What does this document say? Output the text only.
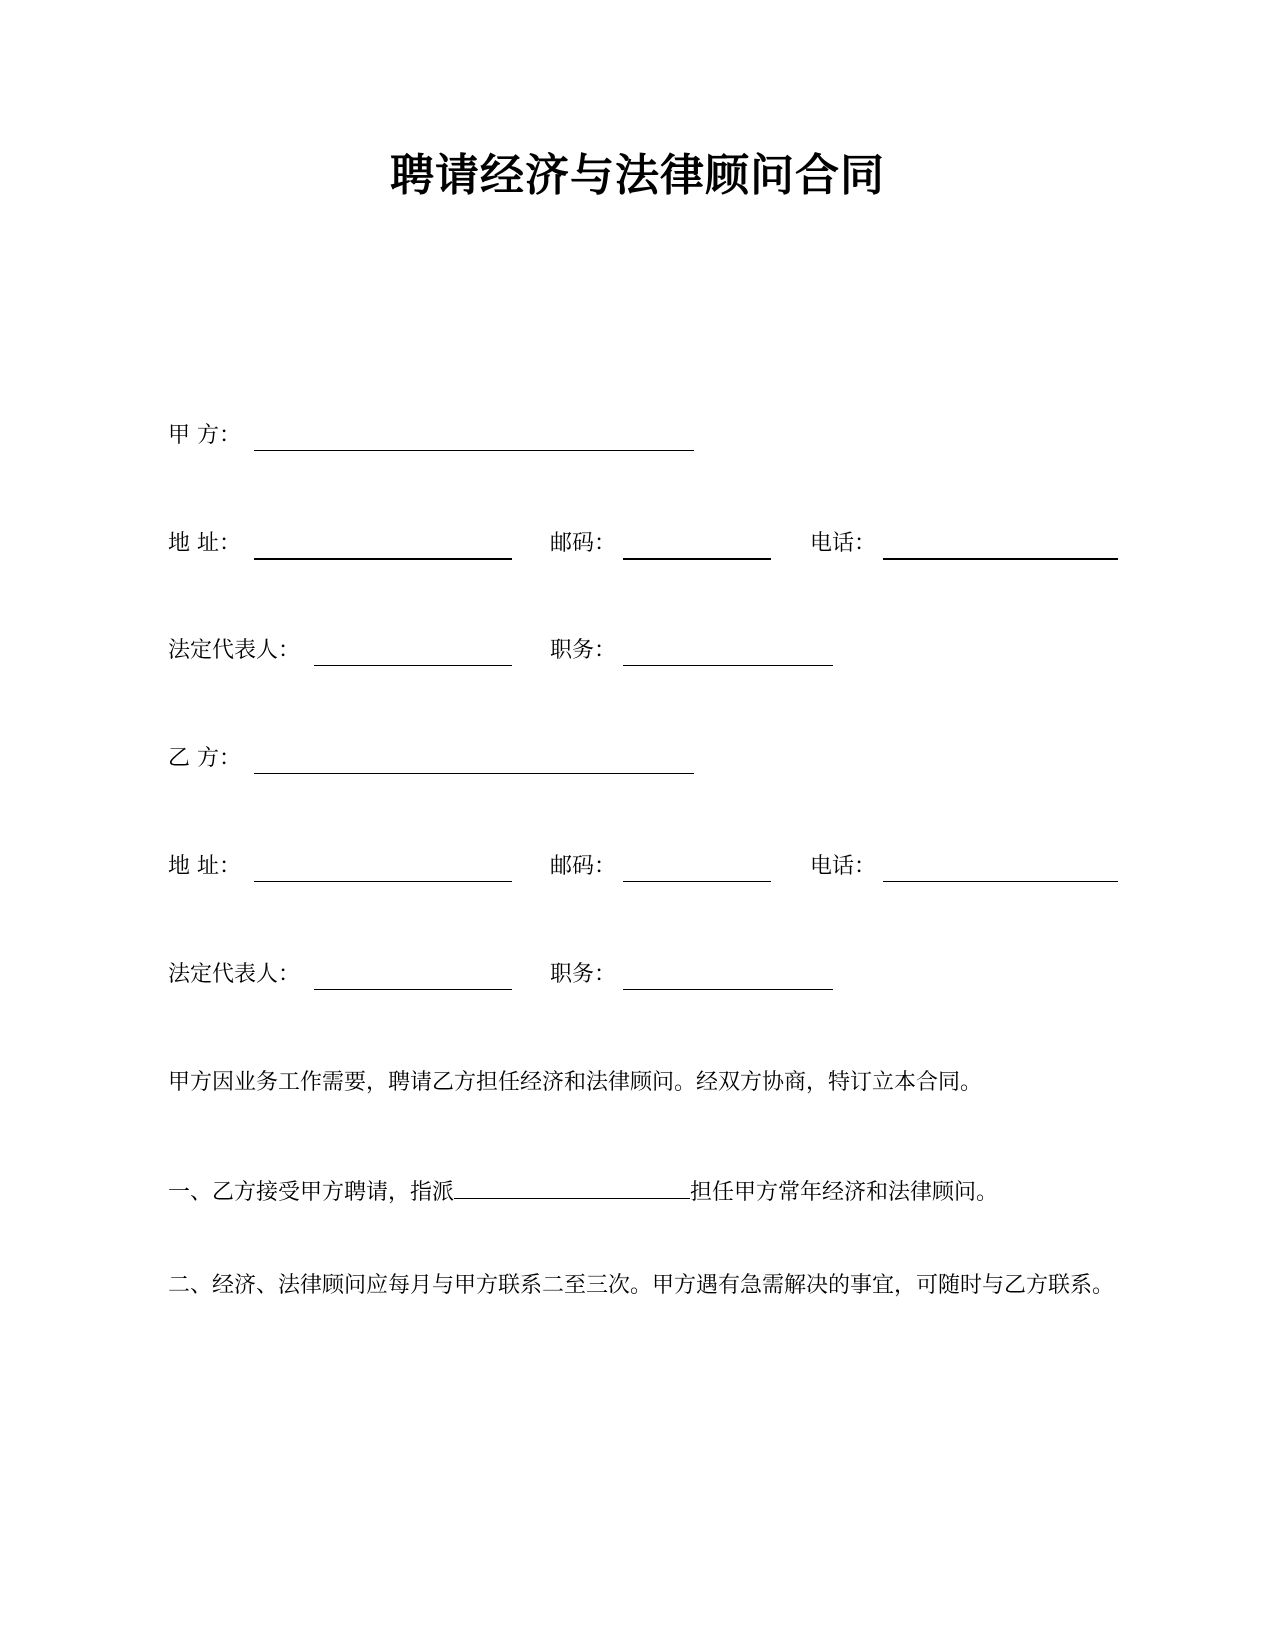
聘请经济与法律顾问合同
甲 方：
地 址：	邮码：	电话：
法定代表人：	职务：
乙 方：
地 址：	邮码：	电话：
法定代表人：	职务：
甲方因业务工作需要，聘请乙方担任经济和法律顾问。经双方协商，特订立本合同。
一、乙方接受甲方聘请，指派	担任甲方常年经济和法律顾问。
二、经济、法律顾问应每月与甲方联系二至三次。甲方遇有急需解决的事宜，可随时与乙方联系。
